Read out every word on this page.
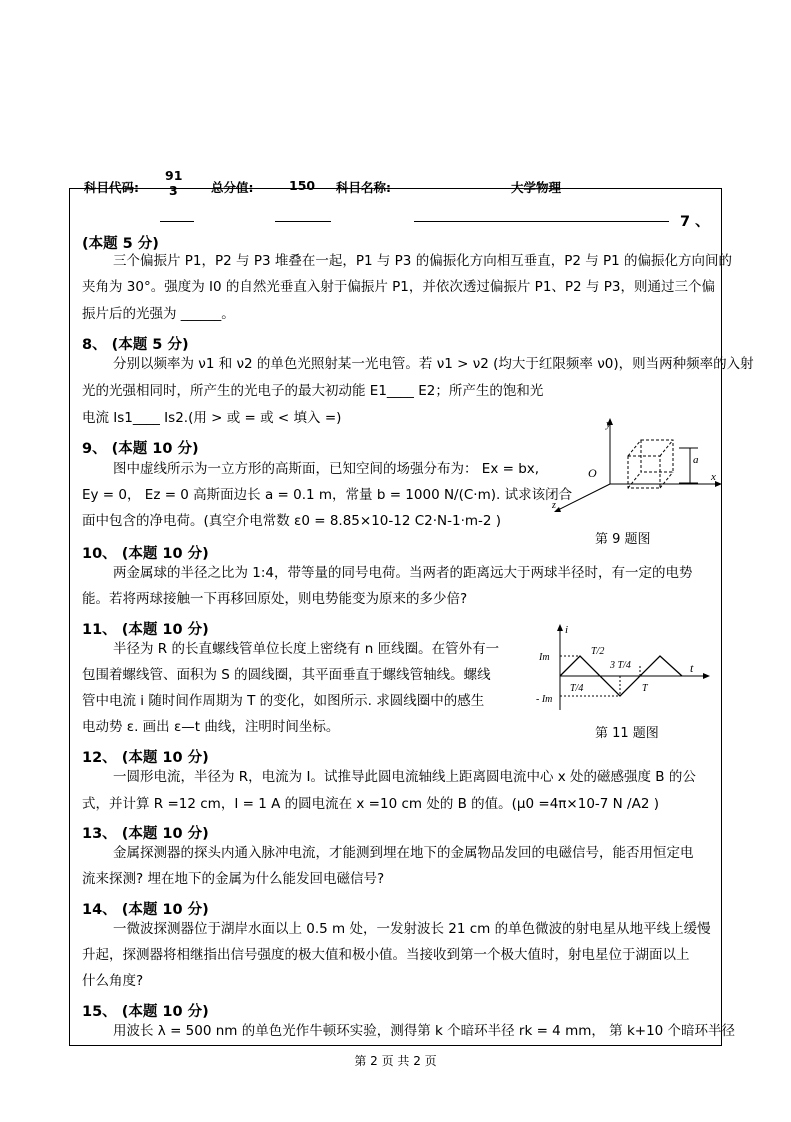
科目代码:
91
3	总分值:	150 科目名称:	大学物理
7 、
(本题 5 分)
三个偏振片 P1，P2 与 P3 堆叠在一起，P1 与 P3 的偏振化方向相互垂直，P2 与 P1 的偏振化方向间的
夹角为 30°。强度为 I0 的自然光垂直入射于偏振片 P1，并依次透过偏振片 P1、P2 与 P3，则通过三个偏
振片后的光强为 ______。
8、 (本题 5 分)
分别以频率为 ν1 和 ν2 的单色光照射某一光电管。若 ν1 > ν2 (均大于红限频率 ν0)，则当两种频率的入射
光的光强相同时，所产生的光电子的最大初动能 E1____ E2；所产生的饱和光
电流 Is1____ Is2.(用 > 或 = 或 < 填入 =)
9、 (本题 10 分)
图中虚线所示为一立方形的高斯面，已知空间的场强分布为： Ex = bx,
Ey = 0， Ez = 0 高斯面边长 a = 0.1 m，常量 b = 1000 N/(C·m). 试求该闭合
面中包含的净电荷。(真空介电常数 ε0 = 8.85×10-12 C2·N-1·m-2 )
y
x
z
O
a
第 9 题图
10、 (本题 10 分)
两金属球的半径之比为 1:4，带等量的同号电荷。当两者的距离远大于两球半径时，有一定的电势
能。若将两球接触一下再移回原处，则电势能变为原来的多少倍?
11、 (本题 10 分)
半径为 R 的长直螺线管单位长度上密绕有 n 匝线圈。在管外有一
包围着螺线管、面积为 S 的圆线圈，其平面垂直于螺线管轴线。螺线
管中电流 i 随时间作周期为 T 的变化，如图所示. 求圆线圈中的感生
电动势 ε. 画出 ε—t 曲线，注明时间坐标。
i
t
Im
- Im
T/2
3 T/4
T/4	T
第 11 题图
12、 (本题 10 分)
一圆形电流，半径为 R，电流为 I。试推导此圆电流轴线上距离圆电流中心 x 处的磁感强度 B 的公
式，并计算 R =12 cm，I = 1 A 的圆电流在 x =10 cm 处的 B 的值。(μ0 =4π×10-7 N /A2 )
13、 (本题 10 分)
金属探测器的探头内通入脉冲电流，才能测到埋在地下的金属物品发回的电磁信号，能否用恒定电
流来探测? 埋在地下的金属为什么能发回电磁信号?
14、 (本题 10 分)
一微波探测器位于湖岸水面以上 0.5 m 处，一发射波长 21 cm 的单色微波的射电星从地平线上缓慢
升起，探测器将相继指出信号强度的极大值和极小值。当接收到第一个极大值时，射电星位于湖面以上
什么角度?
15、 (本题 10 分)
用波长 λ = 500 nm 的单色光作牛顿环实验，测得第 k 个暗环半径 rk = 4 mm， 第 k+10 个暗环半径
第 2 页 共 2 页
